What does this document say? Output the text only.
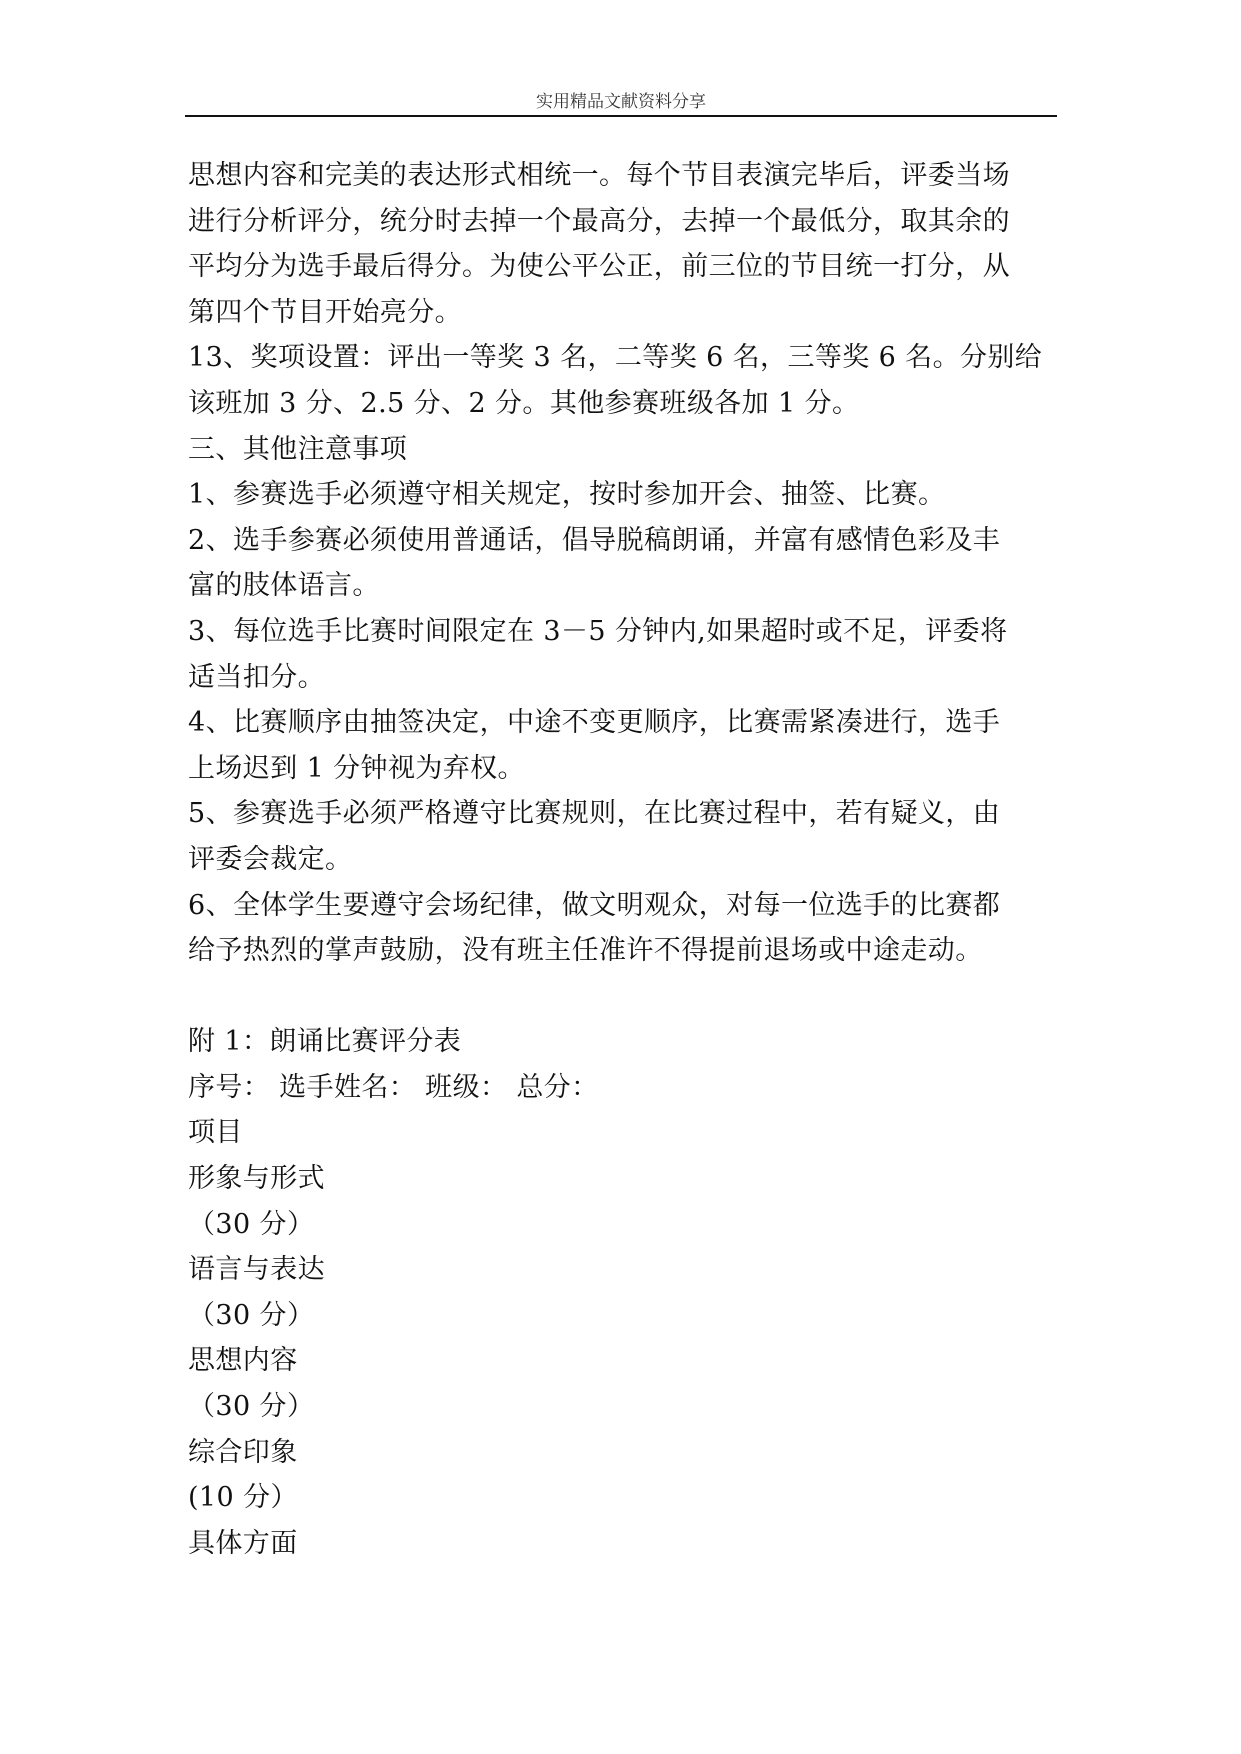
实用精品文献资料分享
思想内容和完美的表达形式相统一。每个节目表演完毕后，评委当场
进行分析评分，统分时去掉一个最高分，去掉一个最低分，取其余的
平均分为选手最后得分。为使公平公正，前三位的节目统一打分，从
第四个节目开始亮分。
13、奖项设置：评出一等奖 3 名，二等奖 6 名，三等奖 6 名。分别给
该班加 3 分、2.5 分、2 分。其他参赛班级各加 1 分。
三、其他注意事项
1、参赛选手必须遵守相关规定，按时参加开会、抽签、比赛。
2、选手参赛必须使用普通话，倡导脱稿朗诵，并富有感情色彩及丰
富的肢体语言。
3、每位选手比赛时间限定在 3－5 分钟内,如果超时或不足，评委将
适当扣分。
4、比赛顺序由抽签决定，中途不变更顺序，比赛需紧凑进行，选手
上场迟到 1 分钟视为弃权。
5、参赛选手必须严格遵守比赛规则，在比赛过程中，若有疑义，由
评委会裁定。
6、全体学生要遵守会场纪律，做文明观众，对每一位选手的比赛都
给予热烈的掌声鼓励，没有班主任准许不得提前退场或中途走动。
附 1：朗诵比赛评分表
序号： 选手姓名： 班级： 总分：
项目
形象与形式
（30 分）
语言与表达
（30 分）
思想内容
（30 分）
综合印象
(10 分）
具体方面
